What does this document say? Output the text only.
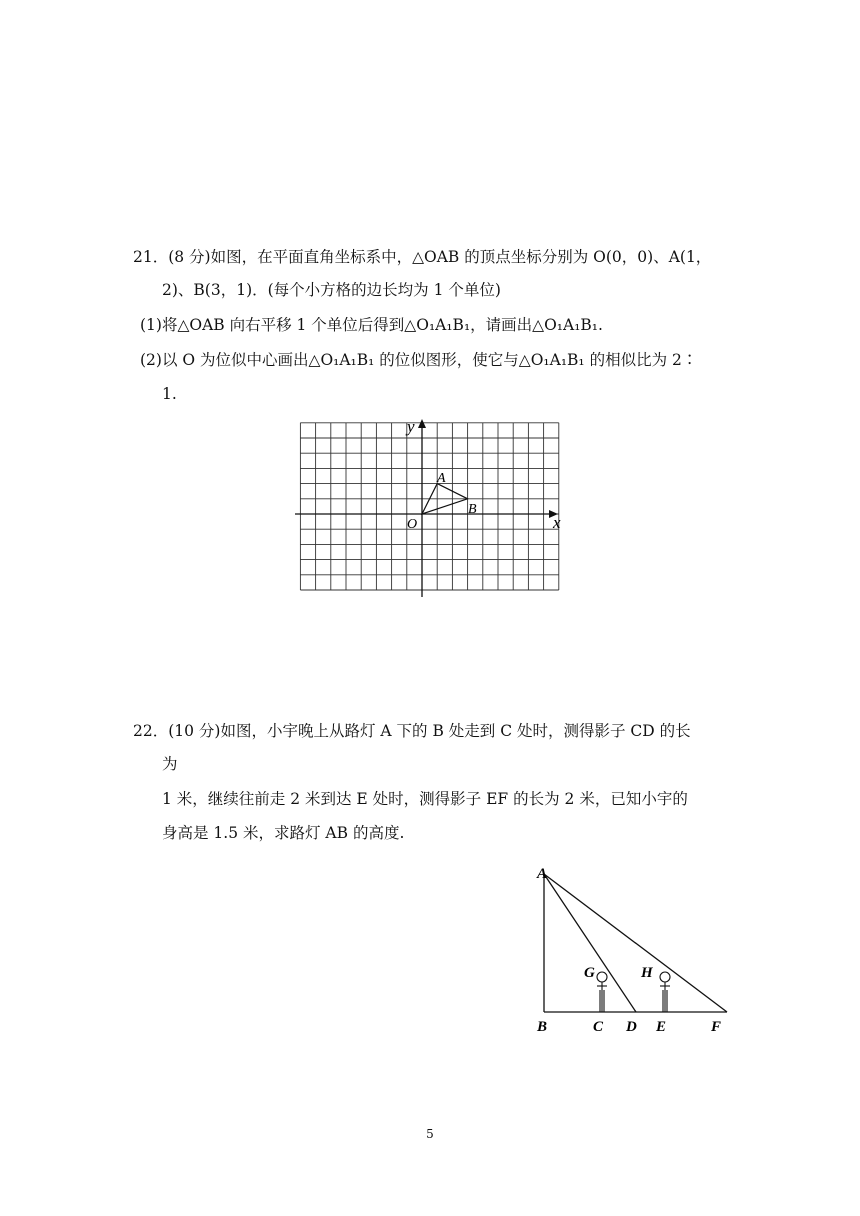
21．(8 分)如图，在平面直角坐标系中，△OAB 的顶点坐标分别为 O(0，0)、A(1，
2)、B(3，1)．(每个小方格的边长均为 1 个单位)
(1)将△OAB 向右平移 1 个单位后得到△O₁A₁B₁，请画出△O₁A₁B₁.
(2)以 O 为位似中心画出△O₁A₁B₁ 的位似图形，使它与△O₁A₁B₁ 的相似比为 2∶
1.
x
y
O
A
B
22．(10 分)如图，小宇晚上从路灯 A 下的 B 处走到 C 处时，测得影子 CD 的长
为
1 米，继续往前走 2 米到达 E 处时，测得影子 EF 的长为 2 米，已知小宇的
身高是 1.5 米，求路灯 AB 的高度.
A
B	C D E	F
G	H
5
